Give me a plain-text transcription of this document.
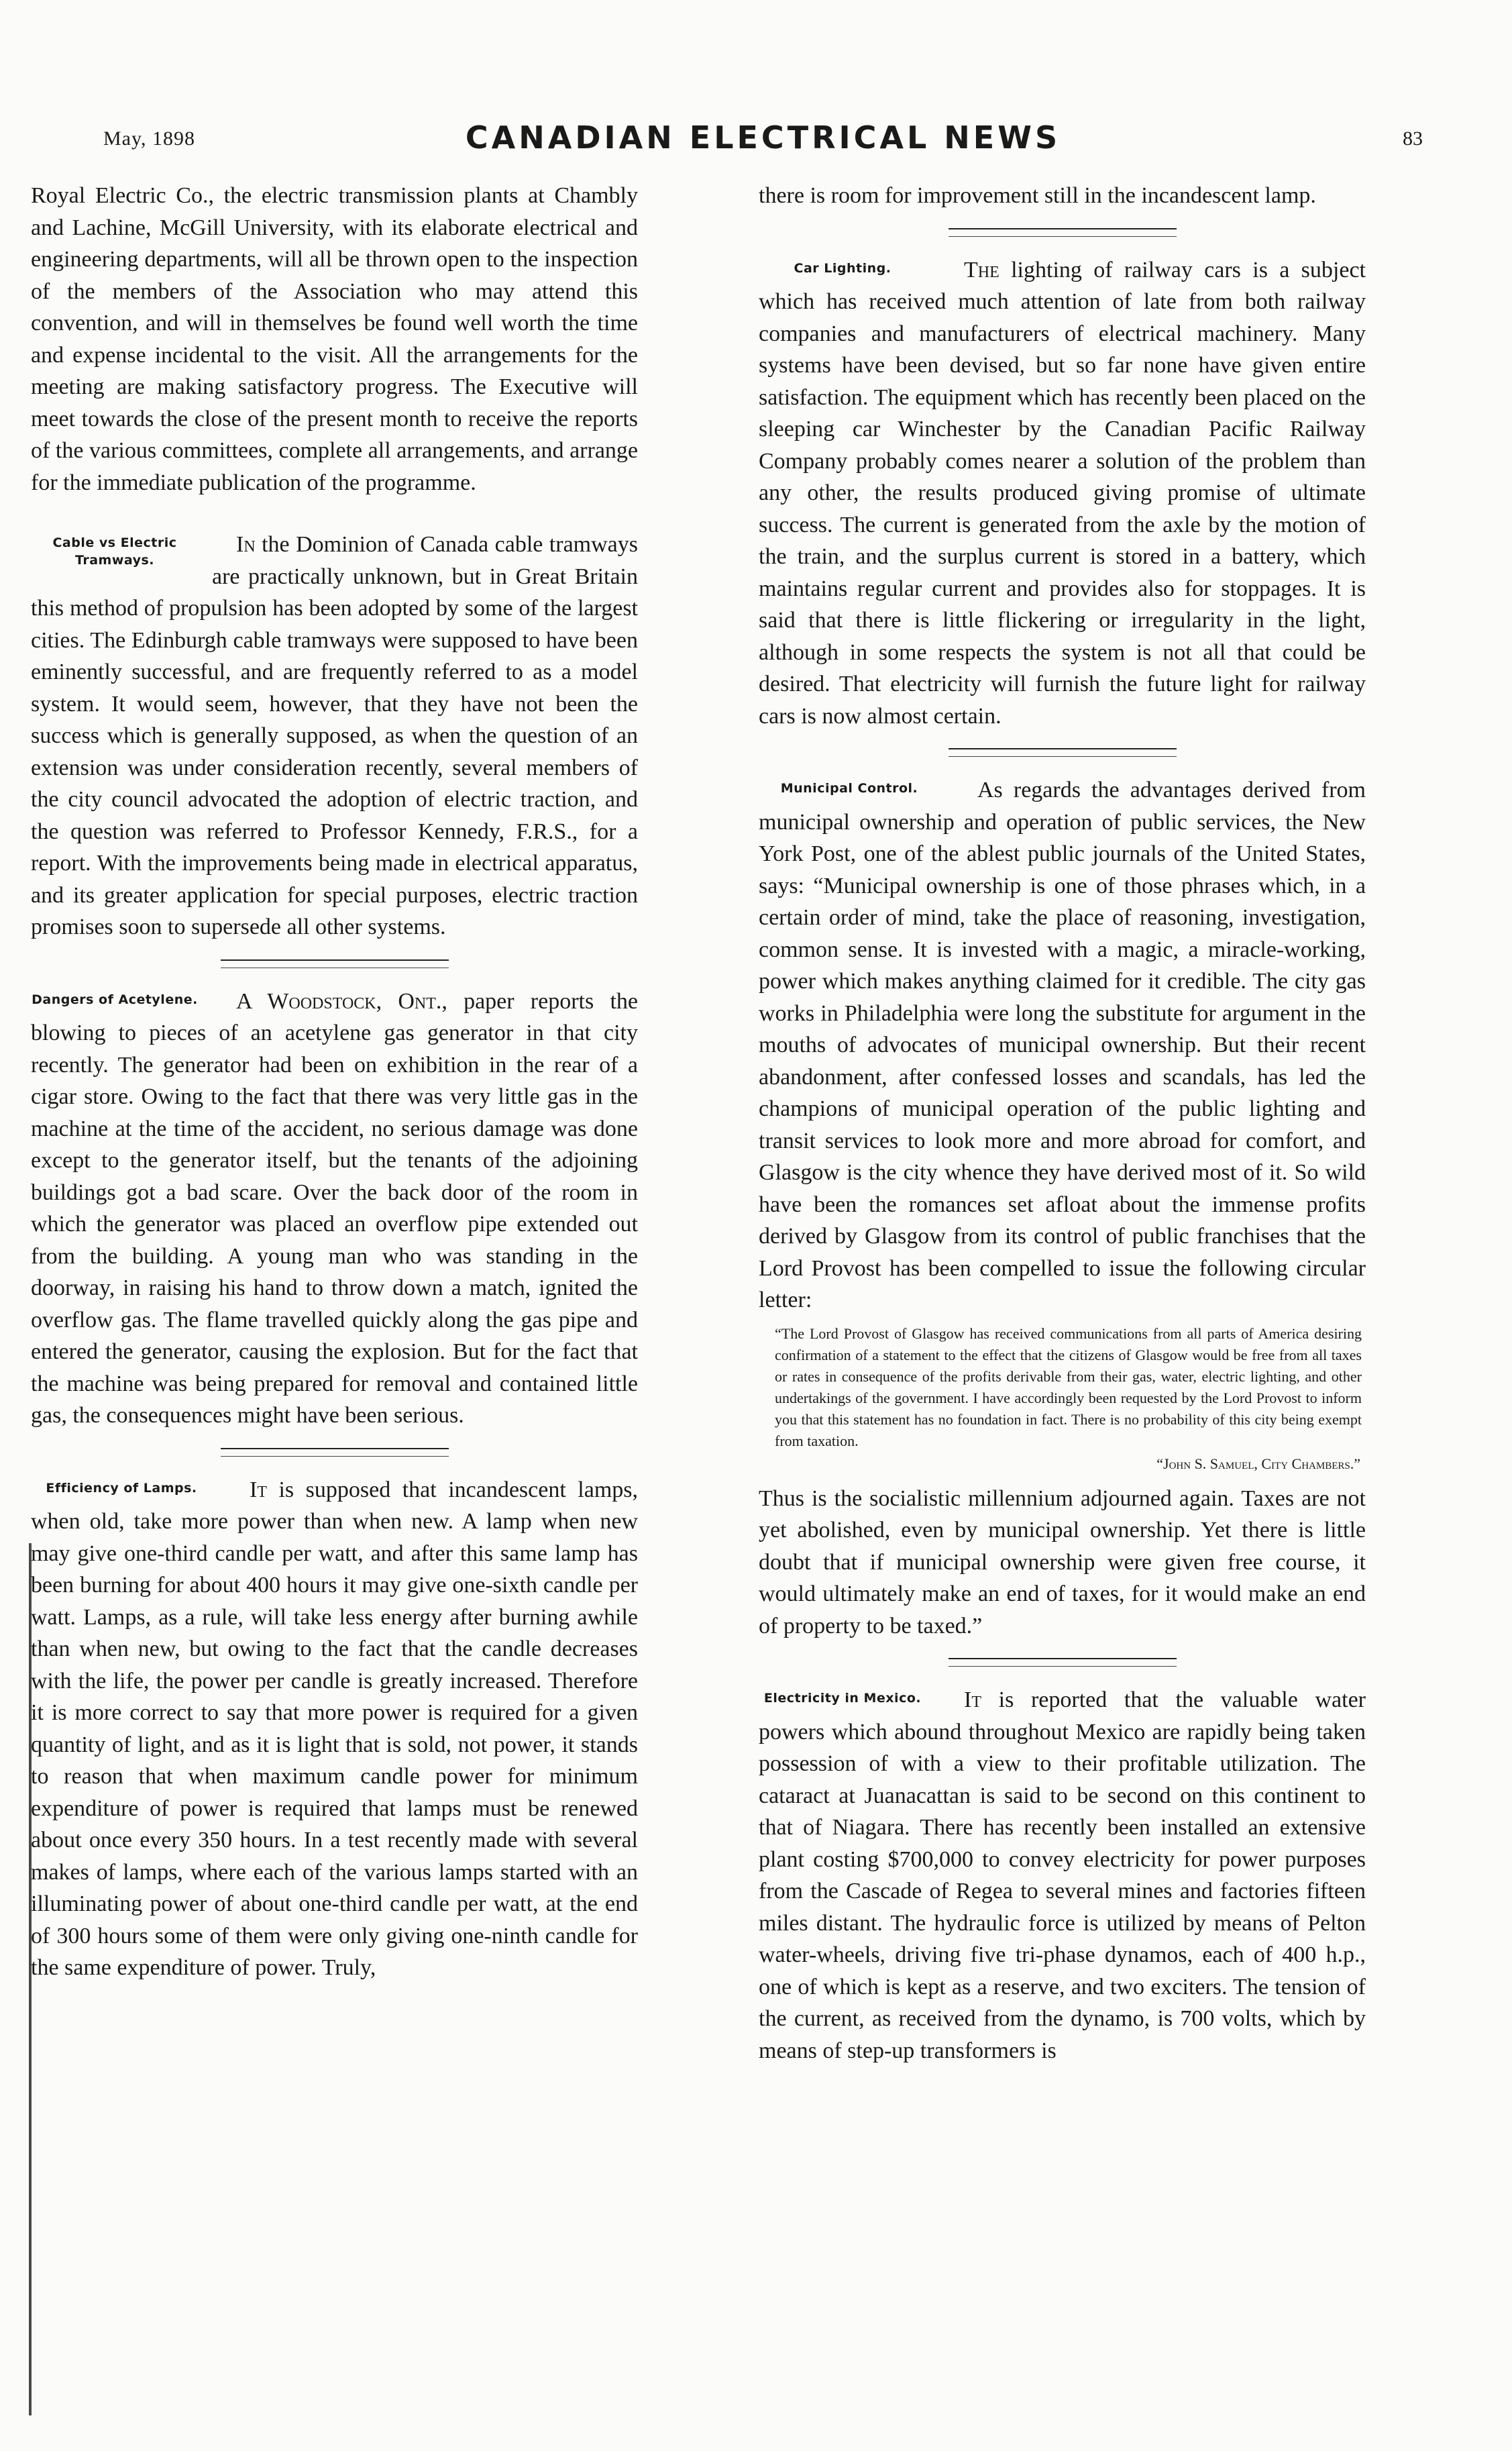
May, 1898	CANADIAN ELECTRICAL NEWS	83

Royal Electric Co., the electric transmission plants at Chambly and Lachine, McGill University, with its elaborate electrical and engineering departments, will all be thrown open to the inspection of the members of the Association who may attend this convention, and will in themselves be found well worth the time and expense incidental to the visit. All the arrangements for the meeting are making satisfactory progress. The Executive will meet towards the close of the present month to receive the reports of the various committees, complete all arrangements, and arrange for the immediate publication of the programme.

Cable vs Electric Tramways.

In the Dominion of Canada cable tramways are practically unknown, but in Great Britain this method of propulsion has been adopted by some of the largest cities. The Edinburgh cable tramways were supposed to have been eminently successful, and are frequently referred to as a model system. It would seem, however, that they have not been the success which is generally supposed, as when the question of an extension was under consideration recently, several members of the city council advocated the adoption of electric traction, and the question was referred to Professor Kennedy, F.R.S., for a report. With the improvements being made in electrical apparatus, and its greater application for special purposes, electric traction promises soon to supersede all other systems.

Dangers of Acetylene.	A Woodstock, Ont., paper reports the blowing to pieces of an acetylene gas generator in that city recently. The generator had been on exhibition in the rear of a cigar store. Owing to the fact that there was very little gas in the machine at the time of the accident, no serious damage was done except to the generator itself, but the tenants of the adjoining buildings got a bad scare. Over the back door of the room in which the generator was placed an overflow pipe extended out from the building. A young man who was standing in the doorway, in raising his hand to throw down a match, ignited the overflow gas. The flame travelled quickly along the gas pipe and entered the generator, causing the explosion. But for the fact that the machine was being prepared for removal and contained little gas, the consequences might have been serious.

Efficiency of Lamps.	It is supposed that incandescent lamps, when old, take more power than when new. A lamp when new may give one-third candle per watt, and after this same lamp has been burning for about 400 hours it may give one-sixth candle per watt. Lamps, as a rule, will take less energy after burning awhile than when new, but owing to the fact that the candle decreases with the life, the power per candle is greatly increased. Therefore it is more correct to say that more power is required for a given quantity of light, and as it is light that is sold, not power, it stands to reason that when maximum candle power for minimum expenditure of power is required that lamps must be renewed about once every 350 hours. In a test recently made with several makes of lamps, where each of the various lamps started with an illuminating power of about one-third candle per watt, at the end of 300 hours some of them were only giving one-ninth candle for the same expenditure of power. Truly,

there is room for improvement still in the incandescent lamp.

Car Lighting.	The lighting of railway cars is a subject which has received much attention of late from both railway companies and manufacturers of electrical machinery. Many systems have been devised, but so far none have given entire satisfaction. The equipment which has recently been placed on the sleeping car Winchester by the Canadian Pacific Railway Company probably comes nearer a solution of the problem than any other, the results produced giving promise of ultimate success. The current is generated from the axle by the motion of the train, and the surplus current is stored in a battery, which maintains regular current and provides also for stoppages. It is said that there is little flickering or irregularity in the light, although in some respects the system is not all that could be desired. That electricity will furnish the future light for railway cars is now almost certain.

Municipal Control.	As regards the advantages derived from municipal ownership and operation of public services, the New York Post, one of the ablest public journals of the United States, says: “Municipal ownership is one of those phrases which, in a certain order of mind, take the place of reasoning, investigation, common sense. It is invested with a magic, a miracle-working, power which makes anything claimed for it credible. The city gas works in Philadelphia were long the substitute for argument in the mouths of advocates of municipal ownership. But their recent abandonment, after confessed losses and scandals, has led the champions of municipal operation of the public lighting and transit services to look more and more abroad for comfort, and Glasgow is the city whence they have derived most of it. So wild have been the romances set afloat about the immense profits derived by Glasgow from its control of public franchises that the Lord Provost has been compelled to issue the following circular letter:

“The Lord Provost of Glasgow has received communications from all parts of America desiring confirmation of a statement to the effect that the citizens of Glasgow would be free from all taxes or rates in consequence of the profits derivable from their gas, water, electric lighting, and other undertakings of the government. I have accordingly been requested by the Lord Provost to inform you that this statement has no foundation in fact. There is no probability of this city being exempt from taxation.
“John S. Samuel, City Chambers.”

Thus is the socialistic millennium adjourned again. Taxes are not yet abolished, even by municipal ownership. Yet there is little doubt that if municipal ownership were given free course, it would ultimately make an end of taxes, for it would make an end of property to be taxed.”

Electricity in Mexico.	It is reported that the valuable water powers which abound throughout Mexico are rapidly being taken possession of with a view to their profitable utilization. The cataract at Juanacattan is said to be second on this continent to that of Niagara. There has recently been installed an extensive plant costing $700,000 to convey electricity for power purposes from the Cascade of Regea to several mines and factories fifteen miles distant. The hydraulic force is utilized by means of Pelton water-wheels, driving five tri-phase dynamos, each of 400 h.p., one of which is kept as a reserve, and two exciters. The tension of the current, as received from the dynamo, is 700 volts, which by means of step-up transformers is
